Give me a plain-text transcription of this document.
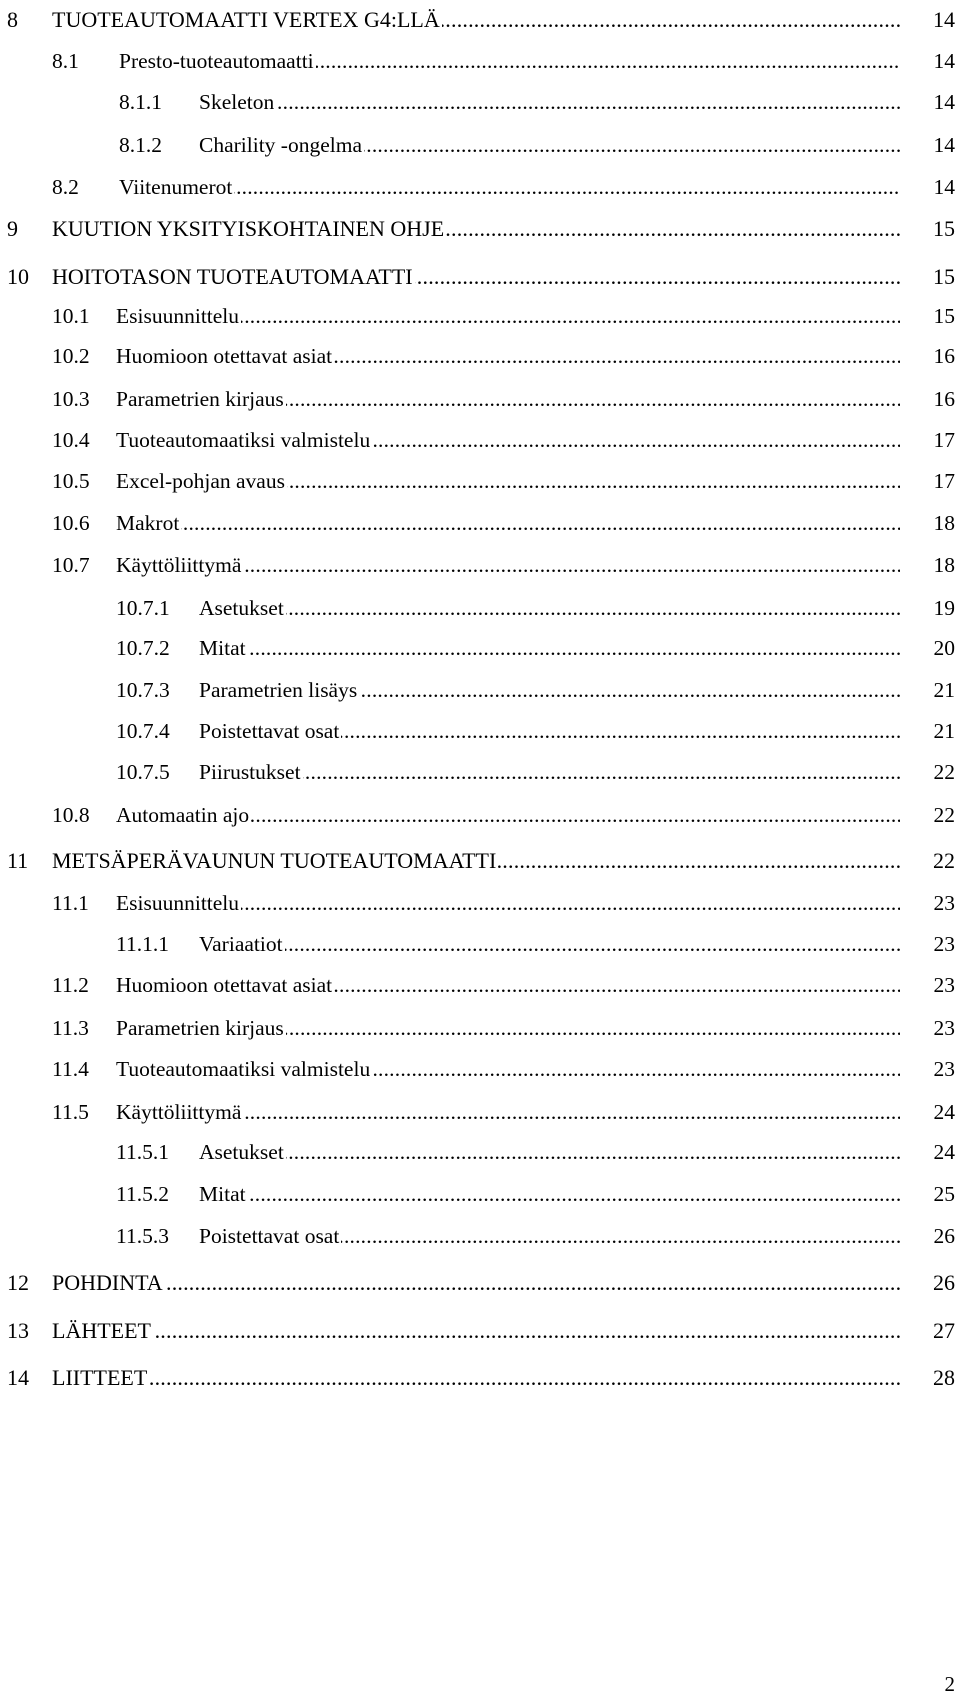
8 ..... TUOTEAUTOMAATTI VERTEX G4:LLÄ	14
8.1 ..... Presto-tuoteautomaatti	14
8.1.1 ..... Skeleton	14
8.1.2 ..... Charility -ongelma	14
8.2 ..... Viitenumerot	14
9 ..... KUUTION YKSITYISKOHTAINEN OHJE	15
10 ..... HOITOTASON TUOTEAUTOMAATTI	15
10.1 ..... Esisuunnittelu	15
10.2 ..... Huomioon otettavat asiat	16
10.3 ..... Parametrien kirjaus	16
10.4 ..... Tuoteautomaatiksi valmistelu	17
10.5 ..... Excel-pohjan avaus	17
10.6 ..... Makrot	18
10.7 ..... Käyttöliittymä	18
10.7.1 ..... Asetukset	19
10.7.2 ..... Mitat	20
10.7.3 ..... Parametrien lisäys	21
10.7.4 ..... Poistettavat osat	21
10.7.5 ..... Piirustukset	22
10.8 ..... Automaatin ajo	22
11 ..... METSÄPERÄVAUNUN TUOTEAUTOMAATTI	22
11.1 ..... Esisuunnittelu	23
11.1.1 ..... Variaatiot	23
11.2 ..... Huomioon otettavat asiat	23
11.3 ..... Parametrien kirjaus	23
11.4 ..... Tuoteautomaatiksi valmistelu	23
11.5 ..... Käyttöliittymä	24
11.5.1 ..... Asetukset	24
11.5.2 ..... Mitat	25
11.5.3 ..... Poistettavat osat	26
12 ..... POHDINTA	26
13 ..... LÄHTEET	27
14 ..... LIITTEET	28
2
